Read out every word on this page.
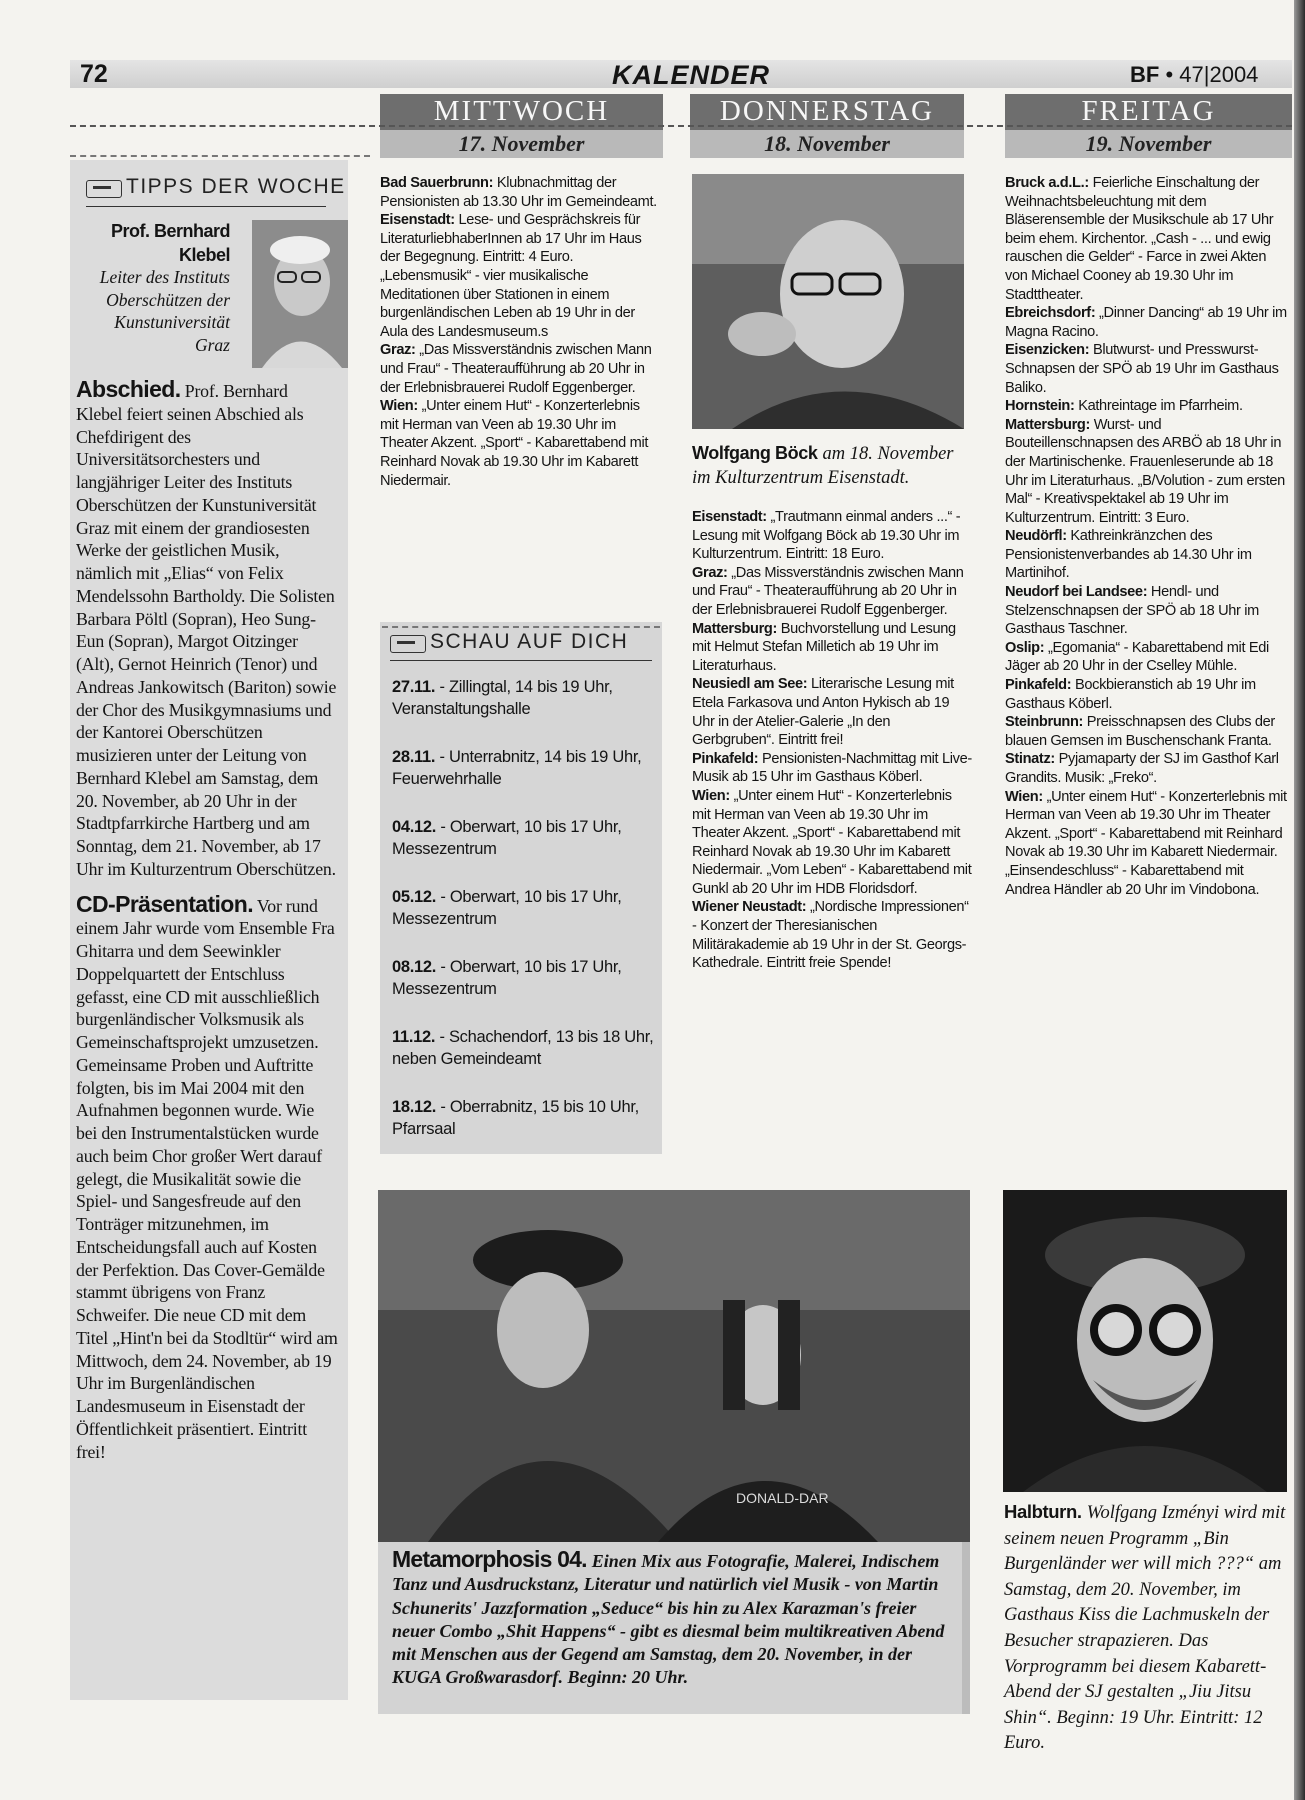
72	KALENDER	BF • 47|2004
MITTWOCH
17. November
DONNERSTAG
18. November
FREITAG
19. November
TIPPS DER WOCHE
Prof. Bernhard Klebel
Leiter des Instituts Oberschützen der Kunstuniversität Graz

Abschied. Prof. Bernhard Klebel feiert seinen Abschied als Chefdirigent des Universitätsorchesters und langjähriger Leiter des Instituts Oberschützen der Kunstuniversität Graz mit einem der grandiosesten Werke der geistlichen Musik, nämlich mit „Elias“ von Felix Mendelssohn Bartholdy. Die Solisten Barbara Pöltl (Sopran), Heo Sung-Eun (Sopran), Margot Oitzinger (Alt), Gernot Heinrich (Tenor) und Andreas Jankowitsch (Bariton) sowie der Chor des Musikgymnasiums und der Kantorei Oberschützen musizieren unter der Leitung von Bernhard Klebel am Samstag, dem 20. November, ab 20 Uhr in der Stadtpfarrkirche Hartberg und am Sonntag, dem 21. November, ab 17 Uhr im Kulturzentrum Oberschützen.

CD-Präsentation. Vor rund einem Jahr wurde vom Ensemble Fra Ghitarra und dem Seewinkler Doppelquartett der Entschluss gefasst, eine CD mit ausschließlich burgenländischer Volksmusik als Gemeinschaftsprojekt umzusetzen. Gemeinsame Proben und Auftritte folgten, bis im Mai 2004 mit den Aufnahmen begonnen wurde. Wie bei den Instrumentalstücken wurde auch beim Chor großer Wert darauf gelegt, die Musikalität sowie die Spiel- und Sangesfreude auf den Tonträger mitzunehmen, im Entscheidungsfall auch auf Kosten der Perfektion. Das Cover-Gemälde stammt übrigens von Franz Schweifer. Die neue CD mit dem Titel „Hint'n bei da Stodltür“ wird am Mittwoch, dem 24. November, ab 19 Uhr im Burgenländischen Landesmuseum in Eisenstadt der Öffentlichkeit präsentiert. Eintritt frei!

Bad Sauerbrunn: Klubnachmittag der Pensionisten ab 13.30 Uhr im Gemeindeamt.

Eisenstadt: Lese- und Gesprächskreis für LiteraturliebhaberInnen ab 17 Uhr im Haus der Begegnung. Eintritt: 4 Euro. „Lebensmusik“ - vier musikalische Meditationen über Stationen in einem burgenländischen Leben ab 19 Uhr in der Aula des Landesmuseum.s

Graz: „Das Missverständnis zwischen Mann und Frau“ - Theateraufführung ab 20 Uhr in der Erlebnisbrauerei Rudolf Eggenberger.

Wien: „Unter einem Hut“ - Konzerterlebnis mit Herman van Veen ab 19.30 Uhr im Theater Akzent. „Sport“ - Kabarettabend mit Reinhard Novak ab 19.30 Uhr im Kabarett Niedermair.

SCHAU AUF DICH

27.11. - Zillingtal, 14 bis 19 Uhr, Veranstaltungshalle

28.11. - Unterrabnitz, 14 bis 19 Uhr, Feuerwehrhalle

04.12. - Oberwart, 10 bis 17 Uhr, Messezentrum

05.12. - Oberwart, 10 bis 17 Uhr, Messezentrum

08.12. - Oberwart, 10 bis 17 Uhr, Messezentrum

11.12. - Schachendorf, 13 bis 18 Uhr, neben Gemeindeamt

18.12. - Oberrabnitz, 15 bis 10 Uhr, Pfarrsaal

Wolfgang Böck am 18. November im Kulturzentrum Eisenstadt.

Eisenstadt: „Trautmann einmal anders ...“ - Lesung mit Wolfgang Böck ab 19.30 Uhr im Kulturzentrum. Eintritt: 18 Euro.

Graz: „Das Missverständnis zwischen Mann und Frau“ - Theateraufführung ab 20 Uhr in der Erlebnisbrauerei Rudolf Eggenberger.

Mattersburg: Buchvorstellung und Lesung mit Helmut Stefan Milletich ab 19 Uhr im Literaturhaus.

Neusiedl am See: Literarische Lesung mit Etela Farkasova und Anton Hykisch ab 19 Uhr in der Atelier-Galerie „In den Gerbgruben“. Eintritt frei!

Pinkafeld: Pensionisten-Nachmittag mit Live-Musik ab 15 Uhr im Gasthaus Köberl.

Wien: „Unter einem Hut“ - Konzerterlebnis mit Herman van Veen ab 19.30 Uhr im Theater Akzent. „Sport“ - Kabarettabend mit Reinhard Novak ab 19.30 Uhr im Kabarett Niedermair. „Vom Leben“ - Kabarettabend mit Gunkl ab 20 Uhr im HDB Floridsdorf.

Wiener Neustadt: „Nordische Impressionen“ - Konzert der Theresianischen Militärakademie ab 19 Uhr in der St. Georgs-Kathedrale. Eintritt freie Spende!

Bruck a.d.L.: Feierliche Einschaltung der Weihnachtsbeleuchtung mit dem Bläserensemble der Musikschule ab 17 Uhr beim ehem. Kirchentor. „Cash - ... und ewig rauschen die Gelder“ - Farce in zwei Akten von Michael Cooney ab 19.30 Uhr im Stadttheater.

Ebreichsdorf: „Dinner Dancing“ ab 19 Uhr im Magna Racino.

Eisenzicken: Blutwurst- und Presswurst-Schnapsen der SPÖ ab 19 Uhr im Gasthaus Baliko.

Hornstein: Kathreintage im Pfarrheim.

Mattersburg: Wurst- und Bouteillenschnapsen des ARBÖ ab 18 Uhr in der Martinischenke. Frauenleserunde ab 18 Uhr im Literaturhaus. „B/Volution - zum ersten Mal“ - Kreativspektakel ab 19 Uhr im Kulturzentrum. Eintritt: 3 Euro.

Neudörfl: Kathreinkränzchen des Pensionistenverbandes ab 14.30 Uhr im Martinihof.

Neudorf bei Landsee: Hendl- und Stelzenschnapsen der SPÖ ab 18 Uhr im Gasthaus Taschner.

Oslip: „Egomania“ - Kabarettabend mit Edi Jäger ab 20 Uhr in der Cselley Mühle.

Pinkafeld: Bockbieranstich ab 19 Uhr im Gasthaus Köberl.

Steinbrunn: Preisschnapsen des Clubs der blauen Gemsen im Buschenschank Franta.

Stinatz: Pyjamaparty der SJ im Gasthof Karl Grandits. Musik: „Freko“.

Wien: „Unter einem Hut“ - Konzerterlebnis mit Herman van Veen ab 19.30 Uhr im Theater Akzent. „Sport“ - Kabarettabend mit Reinhard Novak ab 19.30 Uhr im Kabarett Niedermair. „Einsendeschluss“ - Kabarettabend mit Andrea Händler ab 20 Uhr im Vindobona.

DONALD-DAR
Metamorphosis 04. Einen Mix aus Fotografie, Malerei, Indischem Tanz und Ausdruckstanz, Literatur und natürlich viel Musik - von Martin Schunerits' Jazzformation „Seduce“ bis hin zu Alex Karazman's freier neuer Combo „Shit Happens“ - gibt es diesmal beim multikreativen Abend mit Menschen aus der Gegend am Samstag, dem 20. November, in der KUGA Großwarasdorf. Beginn: 20 Uhr.
Halbturn. Wolfgang Izményi wird mit seinem neuen Programm „Bin Burgenländer wer will mich ???“ am Samstag, dem 20. November, im Gasthaus Kiss die Lachmuskeln der Besucher strapazieren. Das Vorprogramm bei diesem Kabarett-Abend der SJ gestalten „Jiu Jitsu Shin“. Beginn: 19 Uhr. Eintritt: 12 Euro.
